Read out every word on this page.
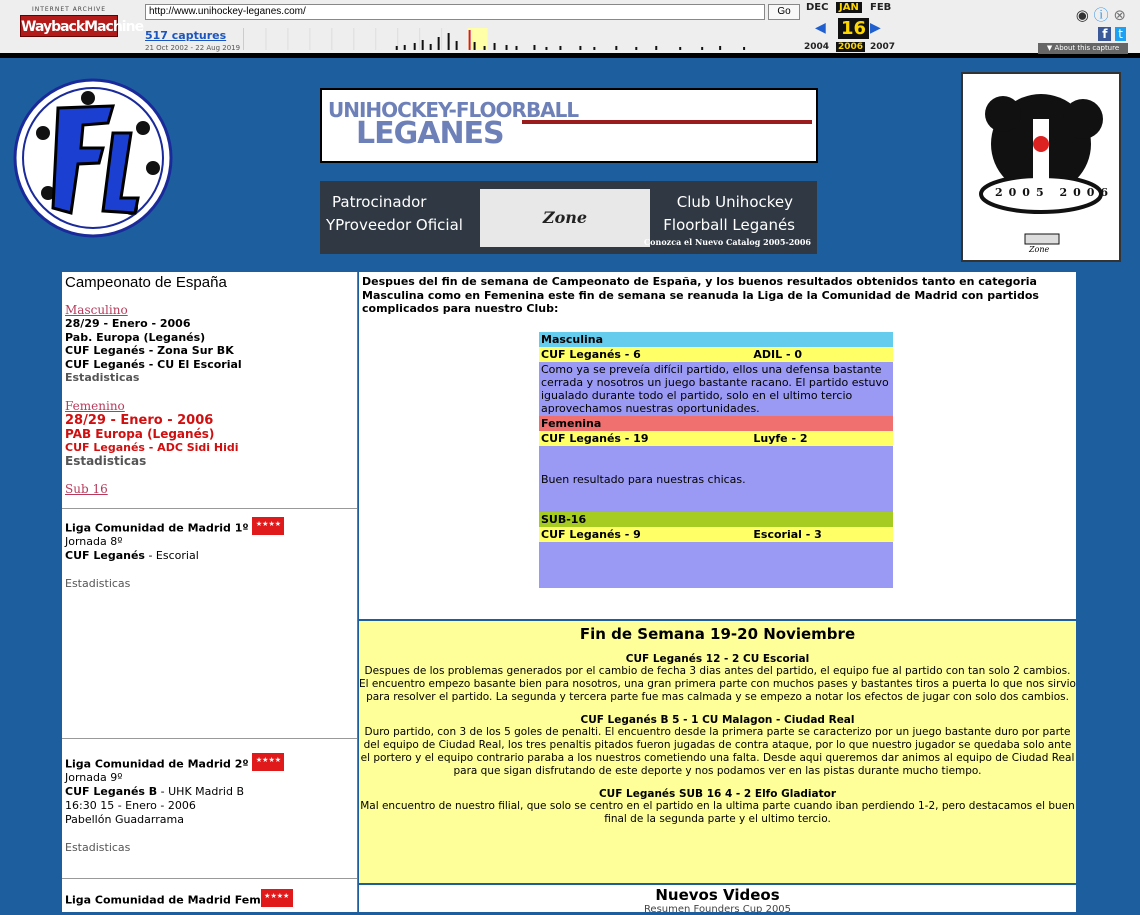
INTERNET ARCHIVE
WaybackMachine
http://www.unihockey-leganes.com/	Go
517 captures
21 Oct 2002 - 22 Aug 2019
DEC	JAN	FEB
◀ 16 ▶
2004 2006 2007
◉ ⓘ ⊗
f t
▼ About this capture
Fl
UNIHOCKEY-FLOORBALL
LEGANES
Patrocinador
YProveedor Oficial	Zone
Club Unihockey
Floorball Leganés
Conozca el Nuevo Catalog 2005-2006
2005 2006
Zone
Campeonato de España
Masculino

28/29 - Enero - 2006

Pab. Europa (Leganés)

CUF Leganés - Zona Sur BK

CUF Leganés - CU El Escorial

Estadisticas

Femenino

28/29 - Enero - 2006

PAB Europa (Leganés)

CUF Leganés - ADC Sidi Hidi

Estadisticas

Sub 16

Liga Comunidad de Madrid 1º ★★★★

Jornada 8º
CUF Leganés - Escorial
Estadisticas

Liga Comunidad de Madrid 2º ★★★★

Jornada 9º
CUF Leganés B - UHK Madrid B
16:30 15 - Enero - 2006
Pabellón Guadarrama
Estadisticas

Liga Comunidad de Madrid Fem ★★★★

Despues del fin de semana de Campeonato de España, y los buenos resultados obtenidos tanto en categoria Masculina como en Femenina este fin de semana se reanuda la Liga de la Comunidad de Madrid con partidos complicados para nuestro Club:
Masculina	
CUF Leganés - 6	ADIL - 0
Como ya se preveía difícil partido, ellos una defensa bastante cerrada y nosotros un juego bastante racano. El partido estuvo igualado durante todo el partido, solo en el ultimo tercio aprovechamos nuestras oportunidades.	
Femenina	
CUF Leganés - 19	Luyfe - 2
Buen resultado para nuestras chicas.	
SUB-16	
CUF Leganés - 9	Escorial - 3

Fin de Semana 19-20 Noviembre
CUF Leganés 12 - 2 CU Escorial
Despues de los problemas generados por el cambio de fecha 3 dias antes del partido, el equipo fue al partido con tan solo 2 cambios. El encuentro empezo basante bien para nosotros, una gran primera parte con muchos pases y bastantes tiros a puerta lo que nos sirvio para resolver el partido. La segunda y tercera parte fue mas calmada y se empezo a notar los efectos de jugar con solo dos cambios.
CUF Leganés B 5 - 1 CU Malagon - Ciudad Real
Duro partido, con 3 de los 5 goles de penalti. El encuentro desde la primera parte se caracterizo por un juego bastante duro por parte del equipo de Ciudad Real, los tres penaltis pitados fueron jugadas de contra ataque, por lo que nuestro jugador se quedaba solo ante el portero y el equipo contrario paraba a los nuestros cometiendo una falta. Desde aqui queremos dar animos al equipo de Ciudad Real para que sigan disfrutando de este deporte y nos podamos ver en las pistas durante mucho tiempo.
CUF Leganés SUB 16 4 - 2 Elfo Gladiator
Mal encuentro de nuestro filial, que solo se centro en el partido en la ultima parte cuando iban perdiendo 1-2, pero destacamos el buen final de la segunda parte y el ultimo tercio.
Nuevos Videos
Resumen Founders Cup 2005
